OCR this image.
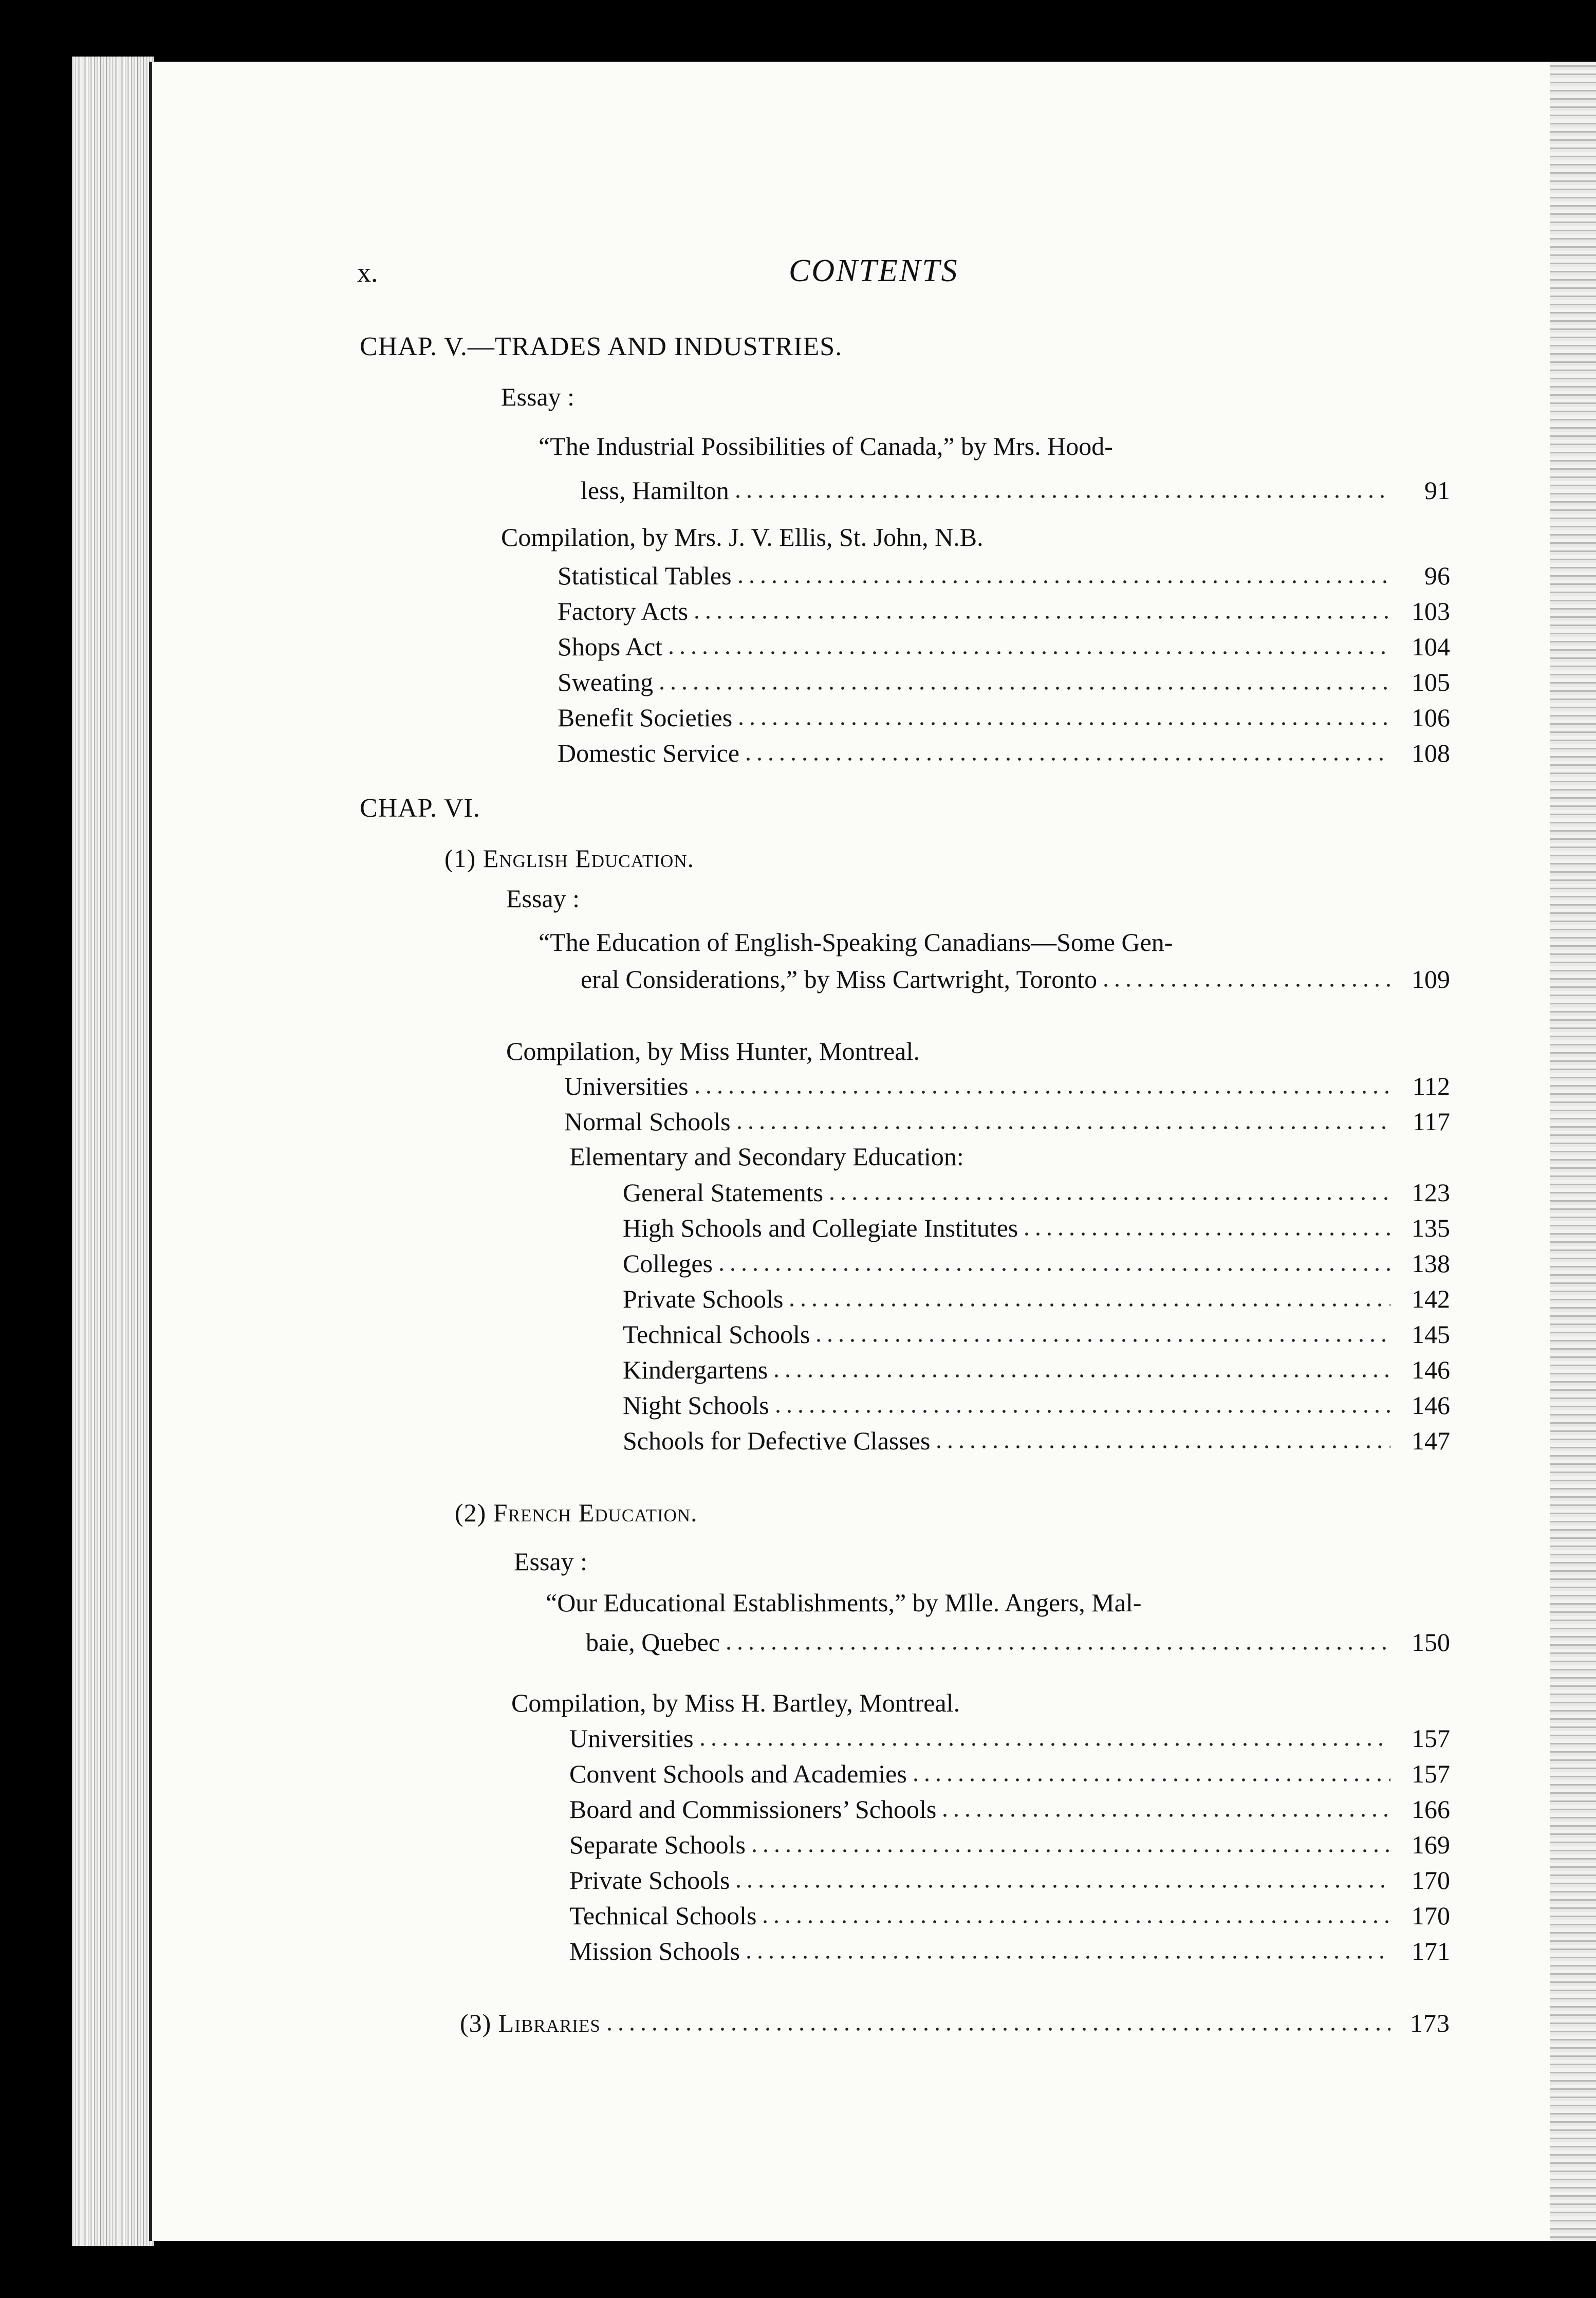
x.	CONTENTS
CHAP. V.—TRADES AND INDUSTRIES.
Essay :
“The Industrial Possibilities of Canada,” by Mrs. Hood-
less, Hamilton	91
Compilation, by Mrs. J. V. Ellis, St. John, N.B.
Statistical Tables	96
Factory Acts	103
Shops Act	104
Sweating	105
Benefit Societies	106
Domestic Service	108
CHAP. VI.
(1) English Education.
Essay :
“The Education of English-Speaking Canadians—Some Gen-
eral Considerations,” by Miss Cartwright, Toronto	109
Compilation, by Miss Hunter, Montreal.
Universities	112
Normal Schools	117
Elementary and Secondary Education:
General Statements	123
High Schools and Collegiate Institutes	135
Colleges	138
Private Schools	142
Technical Schools	145
Kindergartens	146
Night Schools	146
Schools for Defective Classes	147
(2) French Education.
Essay :
“Our Educational Establishments,” by Mlle. Angers, Mal-
baie, Quebec	150
Compilation, by Miss H. Bartley, Montreal.
Universities	157
Convent Schools and Academies	157
Board and Commissioners’ Schools	166
Separate Schools	169
Private Schools	170
Technical Schools	170
Mission Schools	171
(3) Libraries	173
